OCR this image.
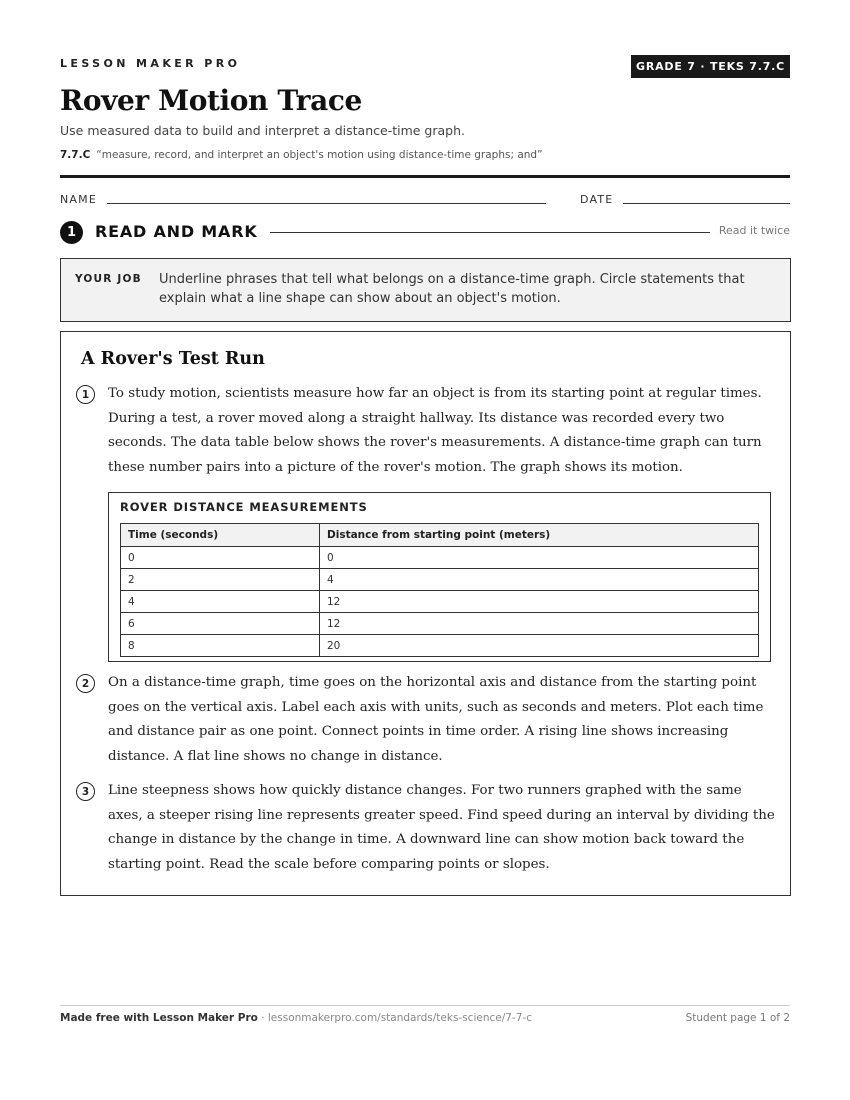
LESSON MAKER PRO	GRADE 7 · TEKS 7.7.C
Rover Motion Trace
Use measured data to build and interpret a distance-time graph.
7.7.C “measure, record, and interpret an object's motion using distance-time graphs; and”
NAME	DATE
1	READ AND MARK	Read it twice
YOUR JOB Underline phrases that tell what belongs on a distance-time graph. Circle statements that explain what a line shape can show about an object's motion.
A Rover's Test Run
1	To study motion, scientists measure how far an object is from its starting point at regular times. During a test, a rover moved along a straight hallway. Its distance was recorded every two seconds. The data table below shows the rover's measurements. A distance-time graph can turn these number pairs into a picture of the rover's motion. The graph shows its motion.

ROVER DISTANCE MEASUREMENTS
Time (seconds)	Distance from starting point (meters)
0	0
2	4
4	12
6	12
8	20
2	On a distance-time graph, time goes on the horizontal axis and distance from the starting point goes on the vertical axis. Label each axis with units, such as seconds and meters. Plot each time and distance pair as one point. Connect points in time order. A rising line shows increasing distance. A flat line shows no change in distance.

3	Line steepness shows how quickly distance changes. For two runners graphed with the same axes, a steeper rising line represents greater speed. Find speed during an interval by dividing the change in distance by the change in time. A downward line can show motion back toward the starting point. Read the scale before comparing points or slopes.

Made free with Lesson Maker Pro · lessonmakerpro.com/standards/teks-science/7-7-c	Student page 1 of 2
